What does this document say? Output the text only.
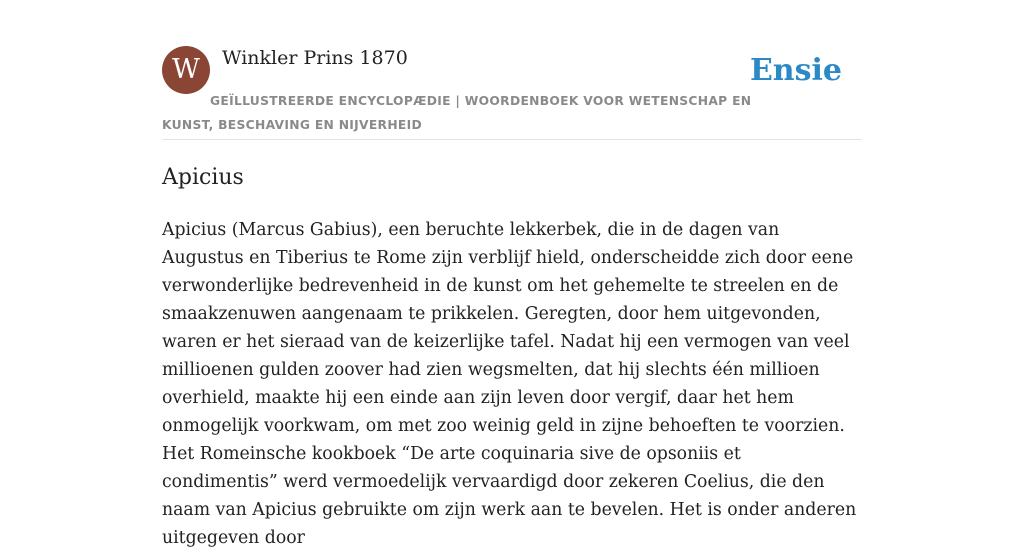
W	Winkler Prins 1870	Ensie
GEÏLLUSTREERDE ENCYCLOPÆDIE | WOORDENBOEK VOOR WETENSCHAP EN KUNST, BESCHAVING EN NIJVERHEID
Apicius

Apicius (Marcus Gabius), een beruchte lekkerbek, die in de dagen van Augustus en Tiberius te Rome zijn verblijf hield, onderscheidde zich door eene verwonderlijke bedrevenheid in de kunst om het gehemelte te streelen en de smaakzenuwen aangenaam te prikkelen. Geregten, door hem uitgevonden, waren er het sieraad van de keizerlijke tafel. Nadat hij een vermogen van veel millioenen gulden zoover had zien wegsmelten, dat hij slechts één millioen overhield, maakte hij een einde aan zijn leven door vergif, daar het hem onmogelijk voorkwam, om met zoo weinig geld in zijne behoeften te voorzien. Het Romeinsche kookboek “De arte coquinaria sive de opsoniis et condimentis” werd vermoedelijk vervaardigd door zekeren Coelius, die den naam van Apicius gebruikte om zijn werk aan te bevelen. Het is onder anderen uitgegeven door
